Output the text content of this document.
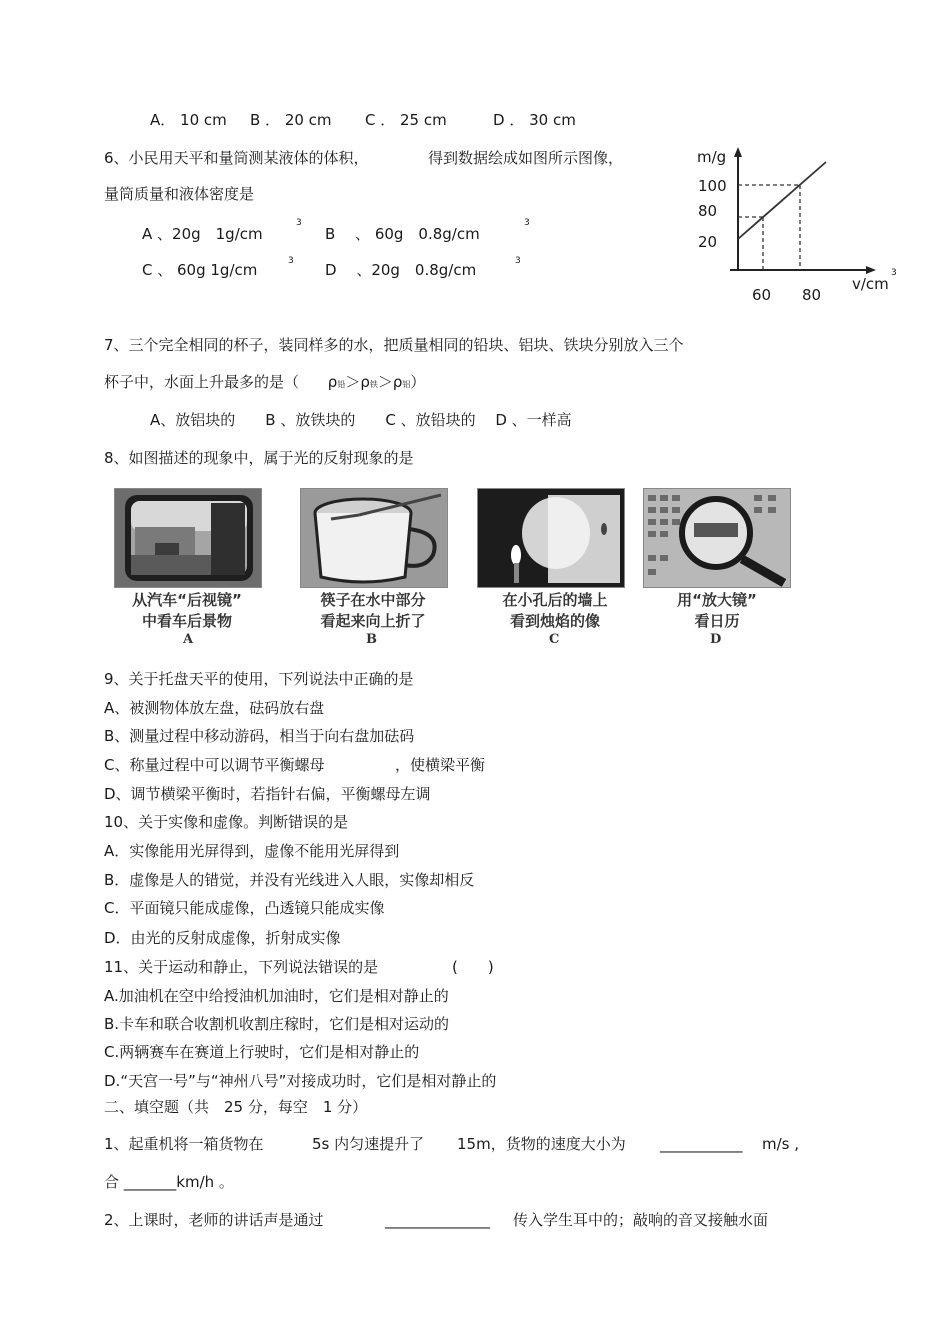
A． 10 cm B ． 20 cm C ． 25 cm	D ． 30 cm
6、小民用天平和量筒测某液体的体积，	得到数据绘成如图所示图像，
量筒质量和液体密度是
A 、20g　1g/cm
3
B　 、 60g　0.8g/cm
3
C 、 60g 1g/cm	3 D　 、20g　0.8g/cm	3
m/g
100
80
20
60 80
v/cm
3
7、三个完全相同的杯子，装同样多的水，把质量相同的铅块、铝块、铁块分别放入三个
杯子中，水面上升最多的是（ ρ铅＞ρ铁＞ρ铝）
A、放铝块的　　B 、放铁块的　　C 、放铅块的　 D 、一样高
8、如图描述的现象中，属于光的反射现象的是
从汽车“后视镜”
中看车后景物
A
筷子在水中部分
看起来向上折了
B
在小孔后的墙上
看到烛焰的像
C
用“放大镜”
看日历
D
9、关于托盘天平的使用，下列说法中正确的是
A、被测物体放左盘，砝码放右盘
B、测量过程中移动游码，相当于向右盘加砝码
C、称量过程中可以调节平衡螺母	，使横梁平衡
D、调节横梁平衡时，若指针右偏，平衡螺母左调
10、关于实像和虚像。判断错误的是
A．实像能用光屏得到，虚像不能用光屏得到
B．虚像是人的错觉，并没有光线进入人眼，实像却相反
C．平面镜只能成虚像，凸透镜只能成实像
D．由光的反射成虚像，折射成实像
11、关于运动和静止，下列说法错误的是	(　　)
A.加油机在空中给授油机加油时，它们是相对静止的
B.卡车和联合收割机收割庄稼时，它们是相对运动的
C.两辆赛车在赛道上行驶时，它们是相对静止的
D.“天宫一号”与“神州八号”对接成功时，它们是相对静止的
二、填空题（共　25 分，每空　1 分）
1、起重机将一箱货物在	5s 内匀速提升了 15m，货物的速度大小为 ___________ m/s ,
合 _______km/h 。
2、上课时，老师的讲话声是通过	______________ 传入学生耳中的；敲响的音叉接触水面
